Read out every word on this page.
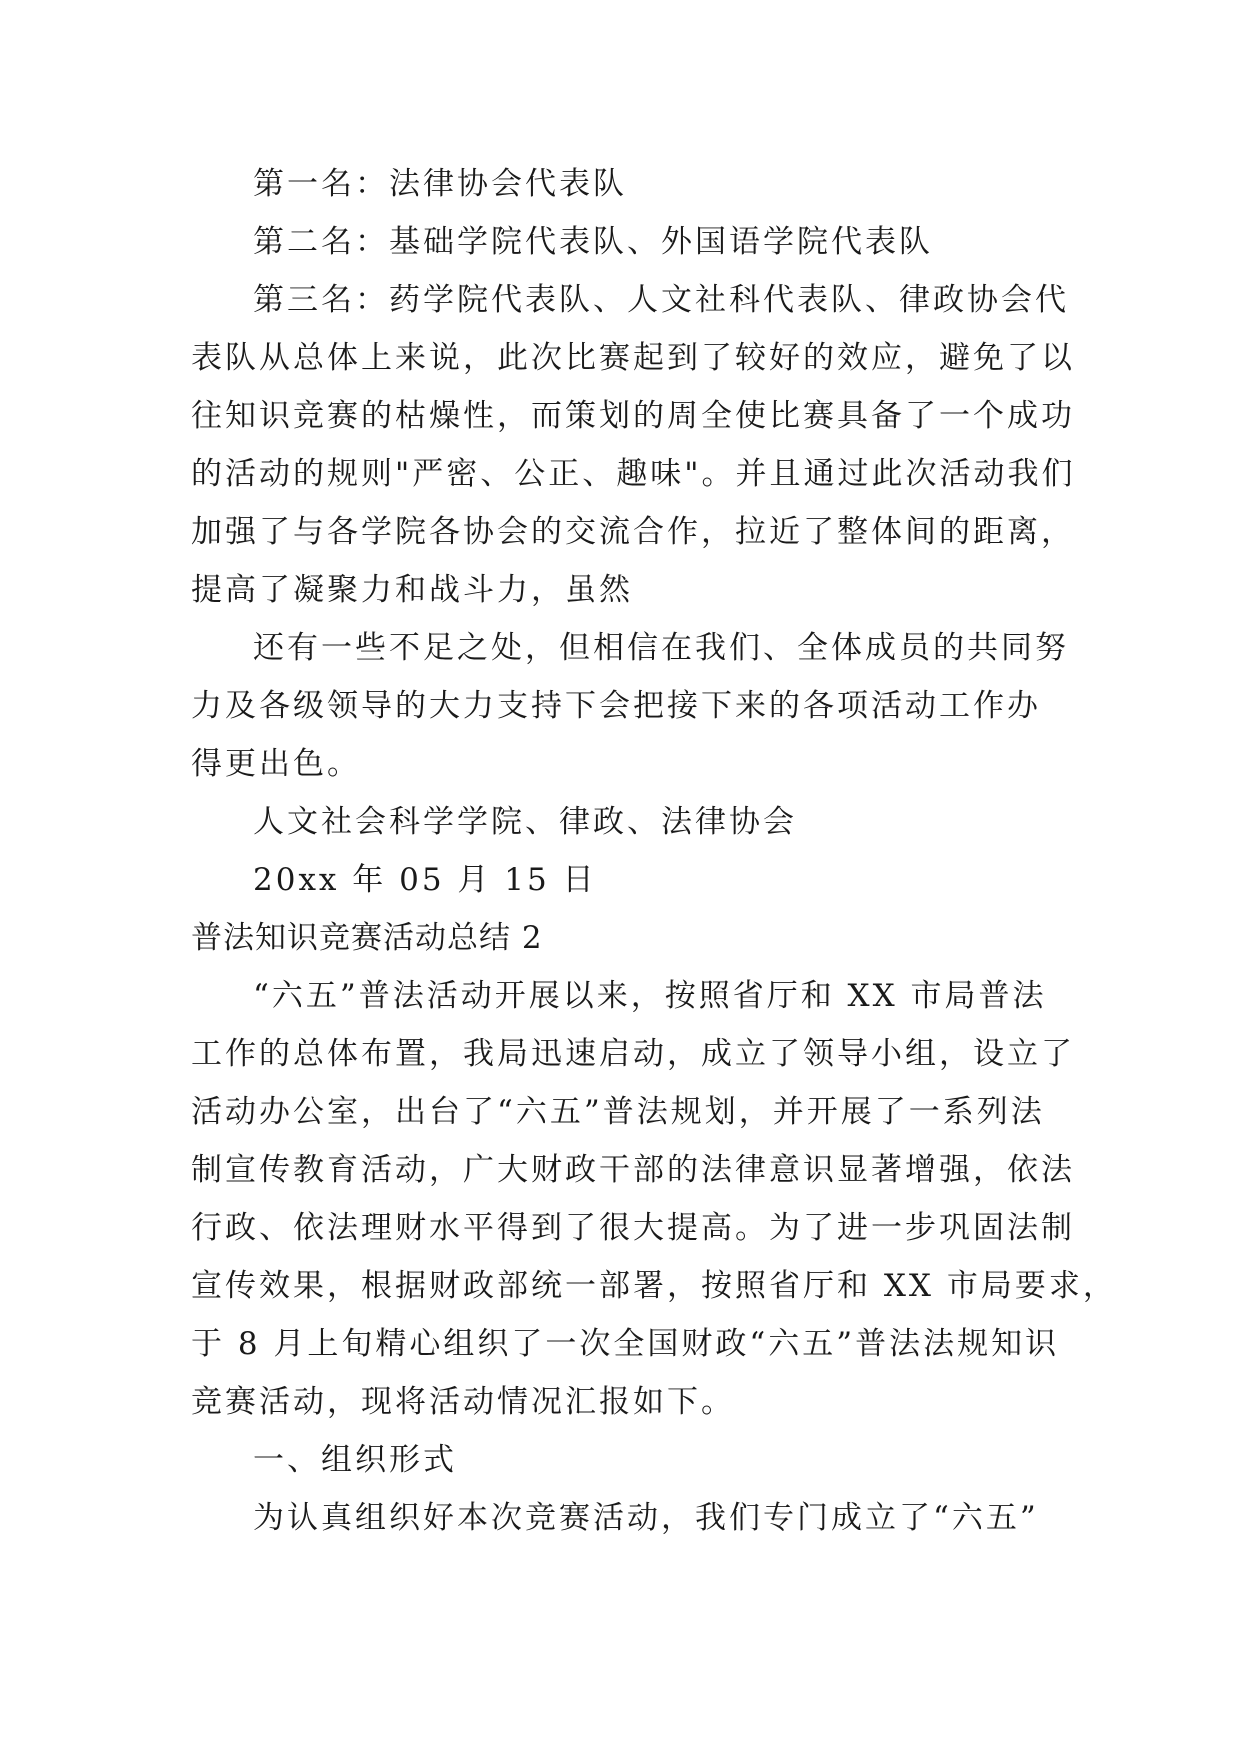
第一名：法律协会代表队
第二名：基础学院代表队、外国语学院代表队
第三名：药学院代表队、人文社科代表队、律政协会代
表队从总体上来说，此次比赛起到了较好的效应，避免了以
往知识竞赛的枯燥性，而策划的周全使比赛具备了一个成功
的活动的规则"严密、公正、趣味"。并且通过此次活动我们
加强了与各学院各协会的交流合作，拉近了整体间的距离，
提高了凝聚力和战斗力，虽然
还有一些不足之处，但相信在我们、全体成员的共同努
力及各级领导的大力支持下会把接下来的各项活动工作办
得更出色。
人文社会科学学院、律政、法律协会
20xx 年 05 月 15 日
普法知识竞赛活动总结 2
“六五”普法活动开展以来，按照省厅和 XX 市局普法
工作的总体布置，我局迅速启动，成立了领导小组，设立了
活动办公室，出台了“六五”普法规划，并开展了一系列法
制宣传教育活动，广大财政干部的法律意识显著增强，依法
行政、依法理财水平得到了很大提高。为了进一步巩固法制
宣传效果，根据财政部统一部署，按照省厅和 XX 市局要求，
于 8 月上旬精心组织了一次全国财政“六五”普法法规知识
竞赛活动，现将活动情况汇报如下。
一、组织形式
为认真组织好本次竞赛活动，我们专门成立了“六五”
